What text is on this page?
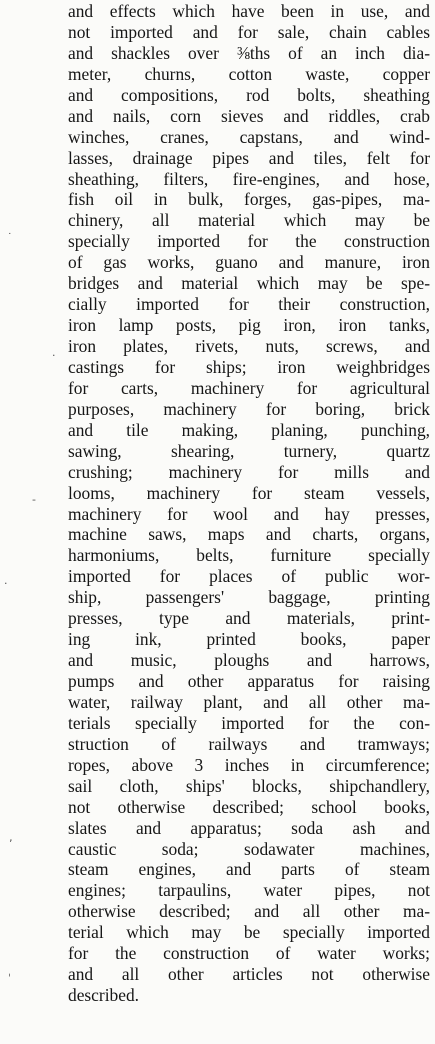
and effects which have been in use, and
not imported and for sale, chain cables
and shackles over ⅜ths of an inch dia-
meter, churns, cotton waste, copper
and compositions, rod bolts, sheathing
and nails, corn sieves and riddles, crab
winches, cranes, capstans, and wind-
lasses, drainage pipes and tiles, felt for
sheathing, filters, fire-engines, and hose,
fish oil in bulk, forges, gas-pipes, ma-
chinery, all material which may be
specially imported for the construction
of gas works, guano and manure, iron
bridges and material which may be spe-
cially imported for their construction,
iron lamp posts, pig iron, iron tanks,
iron plates, rivets, nuts, screws, and
castings for ships; iron weighbridges
for carts, machinery for agricultural
purposes, machinery for boring, brick
and tile making, planing, punching,
sawing, shearing, turnery, quartz
crushing; machinery for mills and
looms, machinery for steam vessels,
machinery for wool and hay presses,
machine saws, maps and charts, organs,
harmoniums, belts, furniture specially
imported for places of public wor-
ship, passengers' baggage, printing
presses, type and materials, print-
ing ink, printed books, paper
and music, ploughs and harrows,
pumps and other apparatus for raising
water, railway plant, and all other ma-
terials specially imported for the con-
struction of railways and tramways;
ropes, above 3 inches in circumference;
sail cloth, ships' blocks, shipchandlery,
not otherwise described; school books,
slates and apparatus; soda ash and
caustic soda; sodawater machines,
steam engines, and parts of steam
engines; tarpaulins, water pipes, not
otherwise described; and all other ma-
terial which may be specially imported
for the construction of water works;
and all other articles not otherwise
described.
˙
·
-
·
‚
ˌ
